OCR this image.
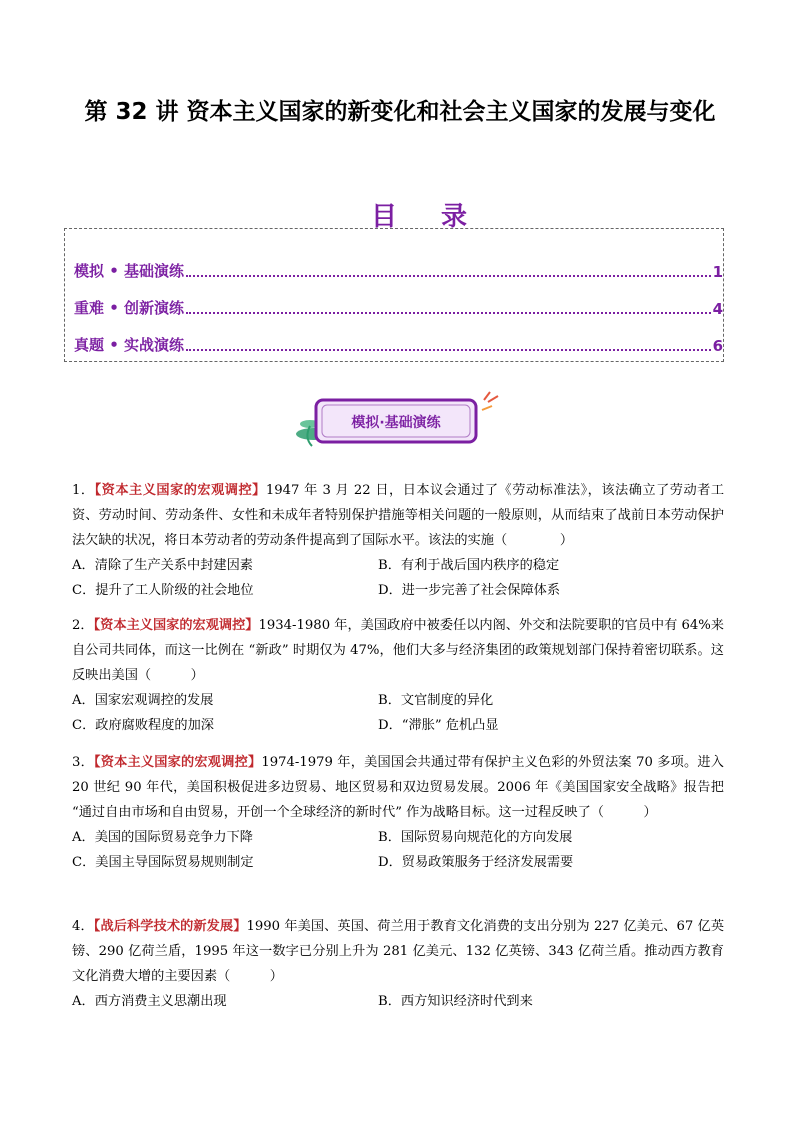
第 32 讲 资本主义国家的新变化和社会主义国家的发展与变化
目录
模拟 • 基础演练	1
重难 • 创新演练	4
真题 • 实战演练	6
模拟·基础演练

1．【资本主义国家的宏观调控】1947 年 3 月 22 日，日本议会通过了《劳动标准法》，该法确立了劳动者工资、劳动时间、劳动条件、女性和未成年者特别保护措施等相关问题的一般原则，从而结束了战前日本劳动保护法欠缺的状况，将日本劳动者的劳动条件提高到了国际水平。该法的实施（　　　　）

A．清除了生产关系中封建因素	B．有利于战后国内秩序的稳定
C．提升了工人阶级的社会地位	D．进一步完善了社会保障体系

2．【资本主义国家的宏观调控】1934-1980 年，美国政府中被委任以内阁、外交和法院要职的官员中有 64%来自公司共同体，而这一比例在 “新政” 时期仅为 47%，他们大多与经济集团的政策规划部门保持着密切联系。这反映出美国（　　　）

A．国家宏观调控的发展	B．文官制度的异化
C．政府腐败程度的加深	D．“滞胀” 危机凸显

3．【资本主义国家的宏观调控】1974-1979 年，美国国会共通过带有保护主义色彩的外贸法案 70 多项。进入 20 世纪 90 年代，美国积极促进多边贸易、地区贸易和双边贸易发展。2006 年《美国国家安全战略》报告把 “通过自由市场和自由贸易，开创一个全球经济的新时代” 作为战略目标。这一过程反映了（　　　）

A．美国的国际贸易竞争力下降	B．国际贸易向规范化的方向发展
C．美国主导国际贸易规则制定	D．贸易政策服务于经济发展需要

4．【战后科学技术的新发展】1990 年美国、英国、荷兰用于教育文化消费的支出分别为 227 亿美元、67 亿英镑、290 亿荷兰盾，1995 年这一数字已分别上升为 281 亿美元、132 亿英镑、343 亿荷兰盾。推动西方教育文化消费大增的主要因素（　　　）

A．西方消费主义思潮出现	B．西方知识经济时代到来
